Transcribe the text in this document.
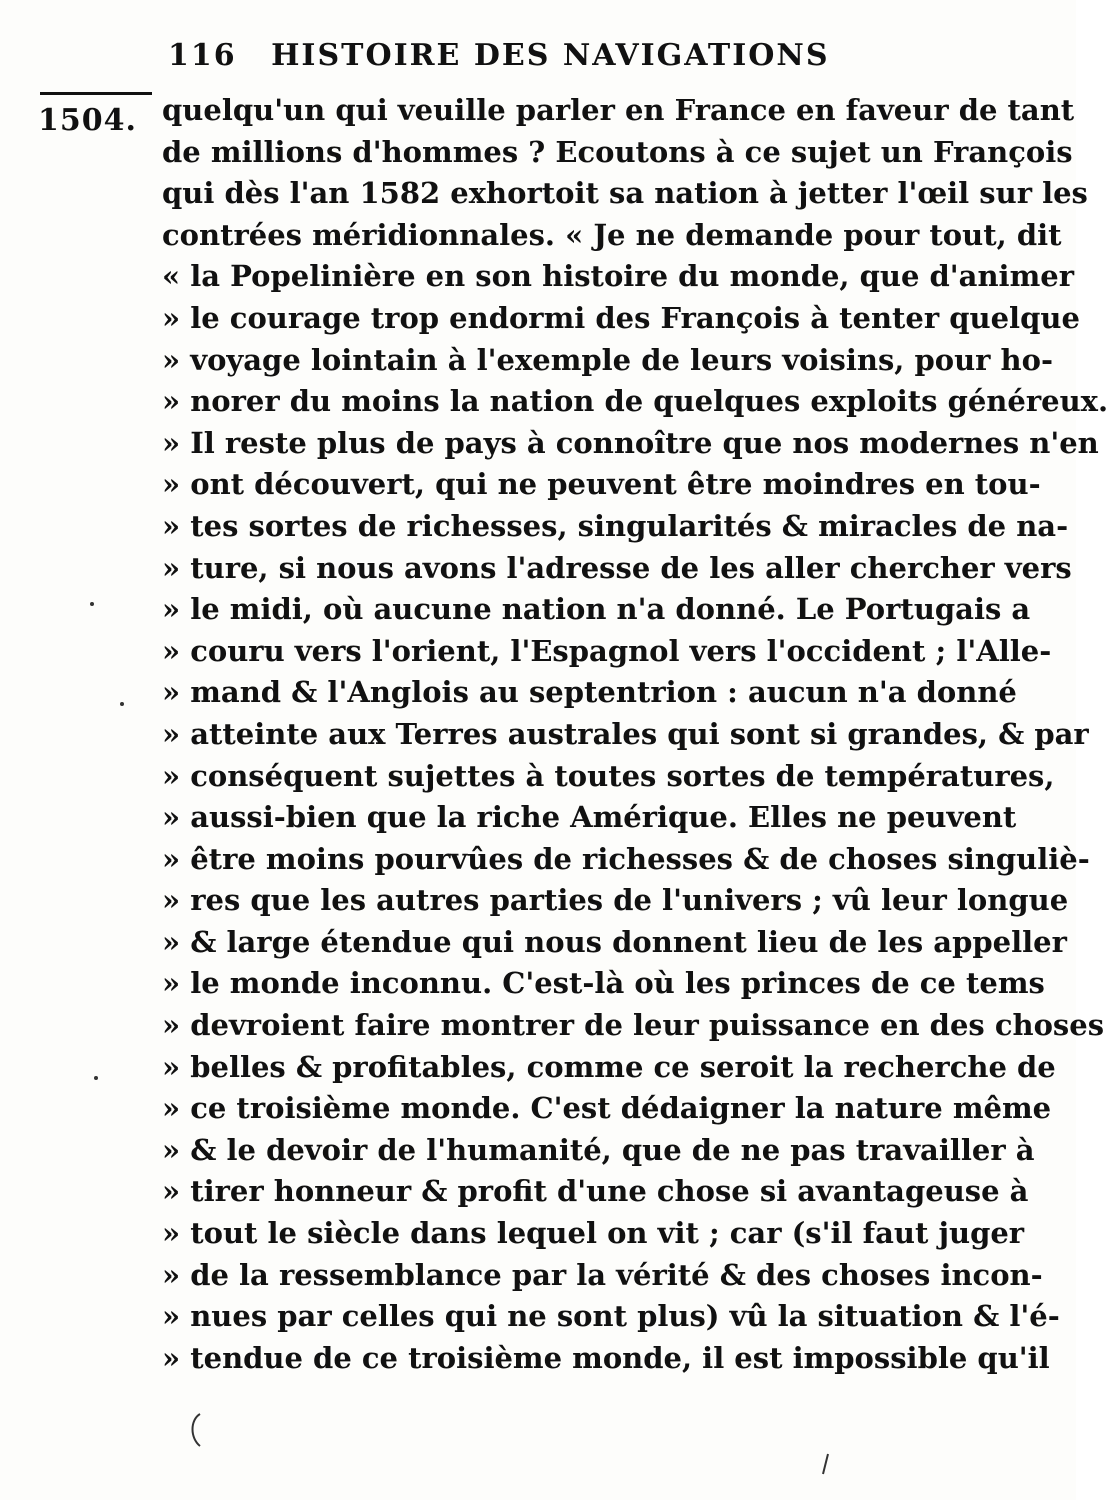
116 HISTOIRE DES NAVIGATIONS
1504. quelqu'un qui veuille parler en France en faveur de tant
de millions d'hommes ? Ecoutons à ce sujet un François
qui dès l'an 1582 exhortoit sa nation à jetter l'œil sur les
contrées méridionnales. « Je ne demande pour tout, dit
« la Popelinière en son histoire du monde, que d'animer
» le courage trop endormi des François à tenter quelque
» voyage lointain à l'exemple de leurs voisins, pour ho-
» norer du moins la nation de quelques exploits généreux.
» Il reste plus de pays à connoître que nos modernes n'en
» ont découvert, qui ne peuvent être moindres en tou-
» tes sortes de richesses, singularités & miracles de na-
» ture, si nous avons l'adresse de les aller chercher vers
» le midi, où aucune nation n'a donné. Le Portugais a
» couru vers l'orient, l'Espagnol vers l'occident ; l'Alle-
» mand & l'Anglois au septentrion : aucun n'a donné
» atteinte aux Terres australes qui sont si grandes, & par
» conséquent sujettes à toutes sortes de températures,
» aussi-bien que la riche Amérique. Elles ne peuvent
» être moins pourvûes de richesses & de choses singuliè-
» res que les autres parties de l'univers ; vû leur longue
» & large étendue qui nous donnent lieu de les appeller
» le monde inconnu. C'est-là où les princes de ce tems
» devroient faire montrer de leur puissance en des choses
» belles & profitables, comme ce seroit la recherche de
» ce troisième monde. C'est dédaigner la nature même
» & le devoir de l'humanité, que de ne pas travailler à
» tirer honneur & profit d'une chose si avantageuse à
» tout le siècle dans lequel on vit ; car (s'il faut juger
» de la ressemblance par la vérité & des choses incon-
» nues par celles qui ne sont plus) vû la situation & l'é-
» tendue de ce troisième monde, il est impossible qu'il
